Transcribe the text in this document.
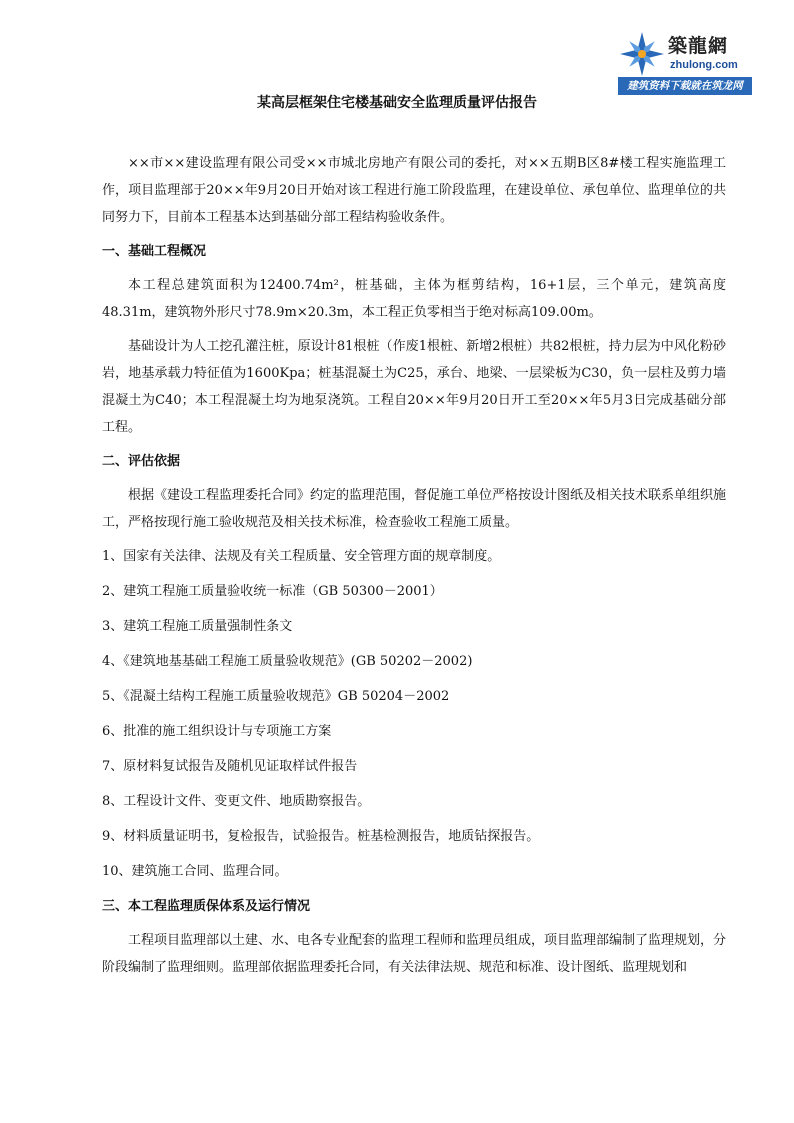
築龍網
zhulong.com
建筑资料下载就在筑龙网
某高层框架住宅楼基础安全监理质量评估报告

××市××建设监理有限公司受××市城北房地产有限公司的委托，对××五期B区8#楼工程实施监理工作，项目监理部于20××年9月20日开始对该工程进行施工阶段监理，在建设单位、承包单位、监理单位的共同努力下，目前本工程基本达到基础分部工程结构验收条件。

一、基础工程概况

本工程总建筑面积为12400.74m²，桩基础，主体为框剪结构，16+1层，三个单元，建筑高度48.31m，建筑物外形尺寸78.9m×20.3m，本工程正负零相当于绝对标高109.00m。

基础设计为人工挖孔灌注桩，原设计81根桩（作废1根桩、新增2根桩）共82根桩，持力层为中风化粉砂岩，地基承载力特征值为1600Kpa；桩基混凝土为C25，承台、地梁、一层梁板为C30，负一层柱及剪力墙混凝土为C40；本工程混凝土均为地泵浇筑。工程自20××年9月20日开工至20××年5月3日完成基础分部工程。

二、评估依据

根据《建设工程监理委托合同》约定的监理范围，督促施工单位严格按设计图纸及相关技术联系单组织施工，严格按现行施工验收规范及相关技术标准，检查验收工程施工质量。

1、国家有关法律、法规及有关工程质量、安全管理方面的规章制度。
2、建筑工程施工质量验收统一标准（GB 50300－2001）
3、建筑工程施工质量强制性条文
4、《建筑地基基础工程施工质量验收规范》(GB 50202－2002)
5、《混凝土结构工程施工质量验收规范》GB 50204－2002
6、批准的施工组织设计与专项施工方案
7、原材料复试报告及随机见证取样试件报告
8、工程设计文件、变更文件、地质勘察报告。
9、材料质量证明书，复检报告，试验报告。桩基检测报告，地质钻探报告。
10、建筑施工合同、监理合同。
三、本工程监理质保体系及运行情况

工程项目监理部以土建、水、电各专业配套的监理工程师和监理员组成，项目监理部编制了监理规划，分阶段编制了监理细则。监理部依据监理委托合同，有关法律法规、规范和标准、设计图纸、监理规划和
